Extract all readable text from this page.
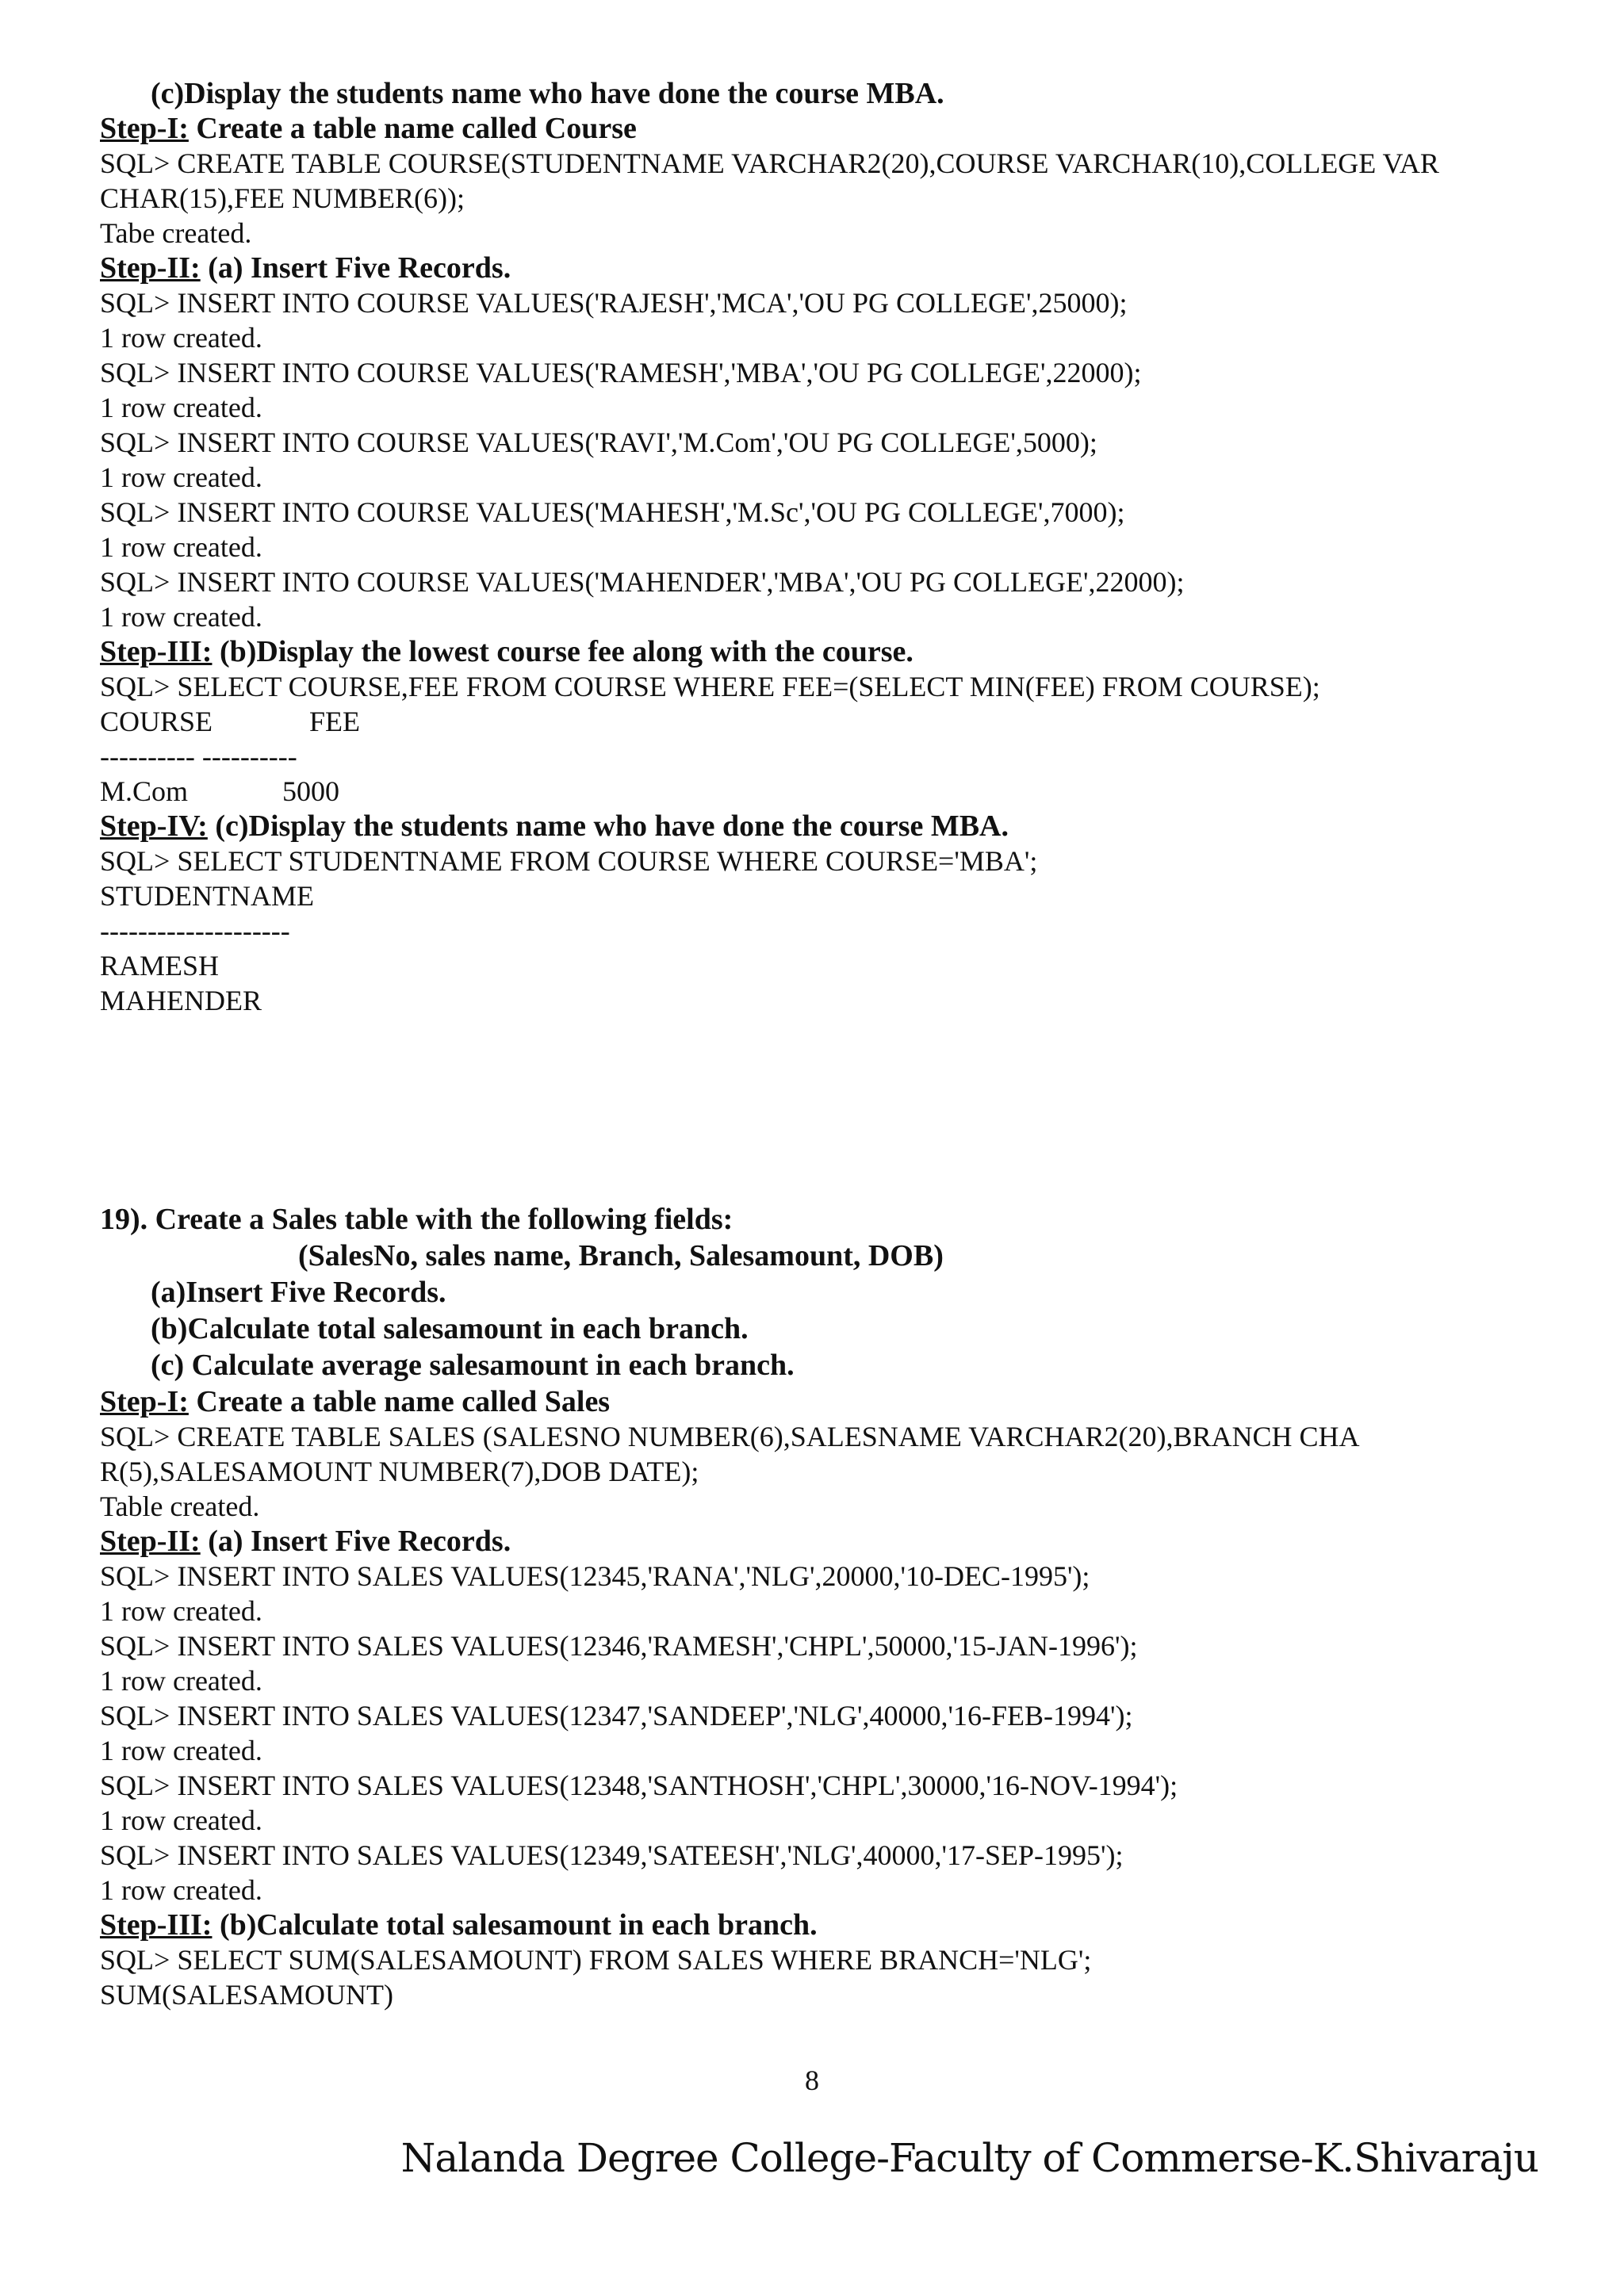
(c)Display the students name who have done the course MBA.
Step-I: Create a table name called Course
SQL> CREATE TABLE COURSE(STUDENTNAME VARCHAR2(20),COURSE VARCHAR(10),COLLEGE VAR
CHAR(15),FEE NUMBER(6));
Tabe created.
Step-II: (a) Insert Five Records.
SQL> INSERT INTO COURSE VALUES('RAJESH','MCA','OU PG COLLEGE',25000);
1 row created.
SQL> INSERT INTO COURSE VALUES('RAMESH','MBA','OU PG COLLEGE',22000);
1 row created.
SQL> INSERT INTO COURSE VALUES('RAVI','M.Com','OU PG COLLEGE',5000);
1 row created.
SQL> INSERT INTO COURSE VALUES('MAHESH','M.Sc','OU PG COLLEGE',7000);
1 row created.
SQL> INSERT INTO COURSE VALUES('MAHENDER','MBA','OU PG COLLEGE',22000);
1 row created.
Step-III: (b)Display the lowest course fee along with the course.
SQL> SELECT COURSE,FEE FROM COURSE WHERE FEE=(SELECT MIN(FEE) FROM COURSE);
COURSE	FEE
---------- ----------
M.Com	5000
Step-IV: (c)Display the students name who have done the course MBA.
SQL> SELECT STUDENTNAME FROM COURSE WHERE COURSE='MBA';
STUDENTNAME
--------------------
RAMESH
MAHENDER
19). Create a Sales table with the following fields:
(SalesNo, sales name, Branch, Salesamount, DOB)
(a)Insert Five Records.
(b)Calculate total salesamount in each branch.
(c) Calculate average salesamount in each branch.
Step-I: Create a table name called Sales
SQL> CREATE TABLE SALES (SALESNO NUMBER(6),SALESNAME VARCHAR2(20),BRANCH CHA
R(5),SALESAMOUNT NUMBER(7),DOB DATE);
Table created.
Step-II: (a) Insert Five Records.
SQL> INSERT INTO SALES VALUES(12345,'RANA','NLG',20000,'10-DEC-1995');
1 row created.
SQL> INSERT INTO SALES VALUES(12346,'RAMESH','CHPL',50000,'15-JAN-1996');
1 row created.
SQL> INSERT INTO SALES VALUES(12347,'SANDEEP','NLG',40000,'16-FEB-1994');
1 row created.
SQL> INSERT INTO SALES VALUES(12348,'SANTHOSH','CHPL',30000,'16-NOV-1994');
1 row created.
SQL> INSERT INTO SALES VALUES(12349,'SATEESH','NLG',40000,'17-SEP-1995');
1 row created.
Step-III: (b)Calculate total salesamount in each branch.
SQL> SELECT SUM(SALESAMOUNT) FROM SALES WHERE BRANCH='NLG';
SUM(SALESAMOUNT)
8
Nalanda Degree College-Faculty of Commerse-K.Shivaraju
